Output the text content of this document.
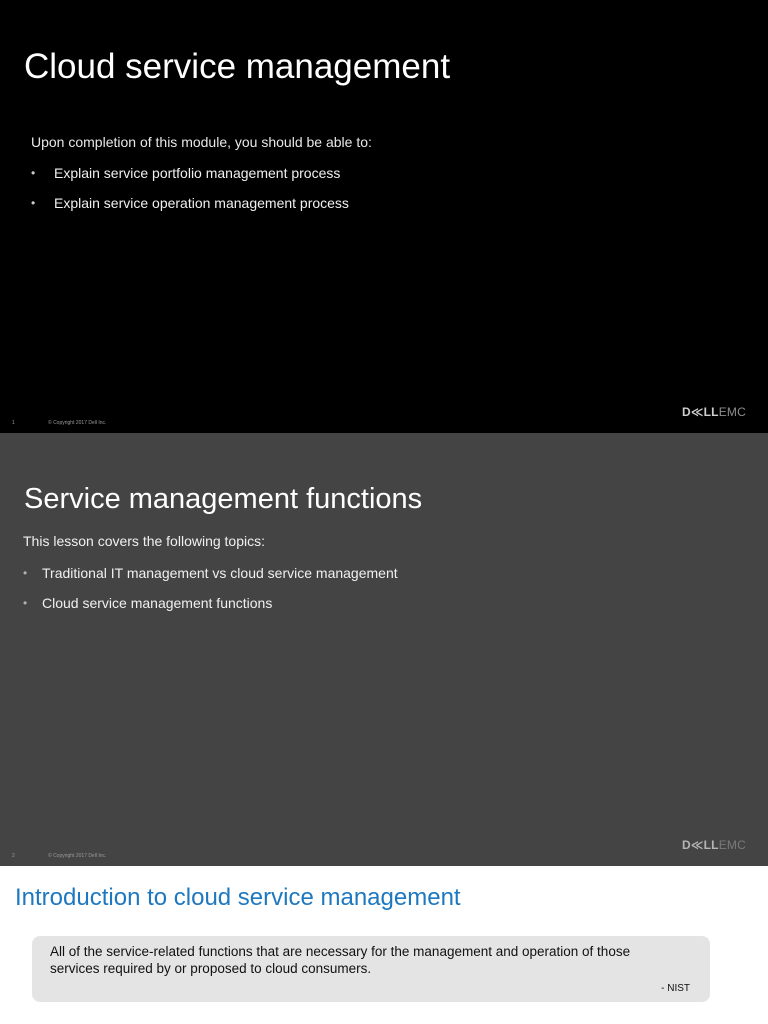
Cloud service management

Upon completion of this module, you should be able to:

• Explain service portfolio management process
• Explain service operation management process
1	© Copyright 2017 Dell Inc.
D≪LLEMC
Service management functions

This lesson covers the following topics:

• Traditional IT management vs cloud service management
• Cloud service management functions
2	© Copyright 2017 Dell Inc.
D≪LLEMC
Introduction to cloud service management

All of the service-related functions that are necessary for the management and operation of those services required by or proposed to cloud consumers.

- NIST
